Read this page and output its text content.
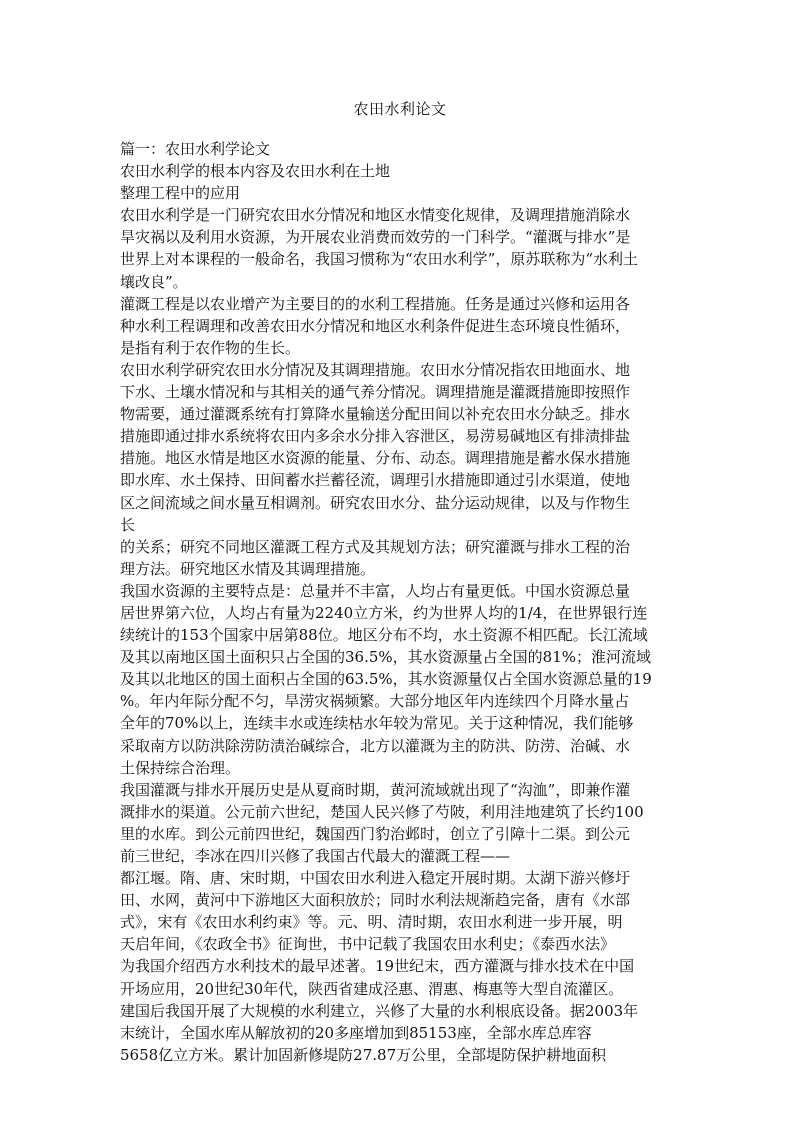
农田水利论文
篇一：农田水利学论文
农田水利学的根本内容及农田水利在土地
整理工程中的应用
农田水利学是一门研究农田水分情况和地区水情变化规律，及调理措施消除水
旱灾祸以及利用水资源，为开展农业消费而效劳的一门科学。“灌溉与排水”是
世界上对本课程的一般命名，我国习惯称为“农田水利学”，原苏联称为“水利土
壤改良”。
灌溉工程是以农业增产为主要目的的水利工程措施。任务是通过兴修和运用各
种水利工程调理和改善农田水分情况和地区水利条件促进生态环境良性循环，
是指有利于农作物的生长。
农田水利学研究农田水分情况及其调理措施。农田水分情况指农田地面水、地
下水、土壤水情况和与其相关的通气养分情况。调理措施是灌溉措施即按照作
物需要，通过灌溉系统有打算降水量输送分配田间以补充农田水分缺乏。排水
措施即通过排水系统将农田内多余水分排入容泄区，易涝易碱地区有排渍排盐
措施。地区水情是地区水资源的能量、分布、动态。调理措施是蓄水保水措施
即水库、水土保持、田间蓄水拦蓄径流，调理引水措施即通过引水渠道，使地
区之间流域之间水量互相调剂。研究农田水分、盐分运动规律，以及与作物生
长
的关系；研究不同地区灌溉工程方式及其规划方法；研究灌溉与排水工程的治
理方法。研究地区水情及其调理措施。
我国水资源的主要特点是：总量并不丰富，人均占有量更低。中国水资源总量
居世界第六位，人均占有量为2240立方米，约为世界人均的1/4，在世界银行连
续统计的153个国家中居第88位。地区分布不均，水土资源不相匹配。长江流域
及其以南地区国土面积只占全国的36.5%，其水资源量占全国的81%；淮河流域
及其以北地区的国土面积占全国的63.5%，其水资源量仅占全国水资源总量的19
%。年内年际分配不匀，旱涝灾祸频繁。大部分地区年内连续四个月降水量占
全年的70%以上，连续丰水或连续枯水年较为常见。关于这种情况，我们能够
采取南方以防洪除涝防渍治碱综合，北方以灌溉为主的防洪、防涝、治碱、水
土保持综合治理。
我国灌溉与排水开展历史是从夏商时期，黄河流域就出现了“沟洫”，即兼作灌
溉排水的渠道。公元前六世纪，楚国人民兴修了芍陂，利用洼地建筑了长约100
里的水库。到公元前四世纪，魏国西门豹治邺时，创立了引障十二渠。到公元
前三世纪，李冰在四川兴修了我国古代最大的灌溉工程——
都江堰。隋、唐、宋时期，中国农田水利进入稳定开展时期。太湖下游兴修圩
田、水网，黄河中下游地区大面积放於；同时水利法规渐趋完备，唐有《水部
式》，宋有《农田水利约束》等。元、明、清时期，农田水利进一步开展，明
天启年间，《农政全书》征询世，书中记载了我国农田水利史；《泰西水法》
为我国介绍西方水利技术的最早述著。19世纪末，西方灌溉与排水技术在中国
开场应用，20世纪30年代，陕西省建成泾惠、渭惠、梅惠等大型自流灌区。
建国后我国开展了大规模的水利建立，兴修了大量的水利根底设备。据2003年
末统计，全国水库从解放初的20多座增加到85153座，全部水库总库容
5658亿立方米。累计加固新修堤防27.87万公里，全部堤防保护耕地面积
